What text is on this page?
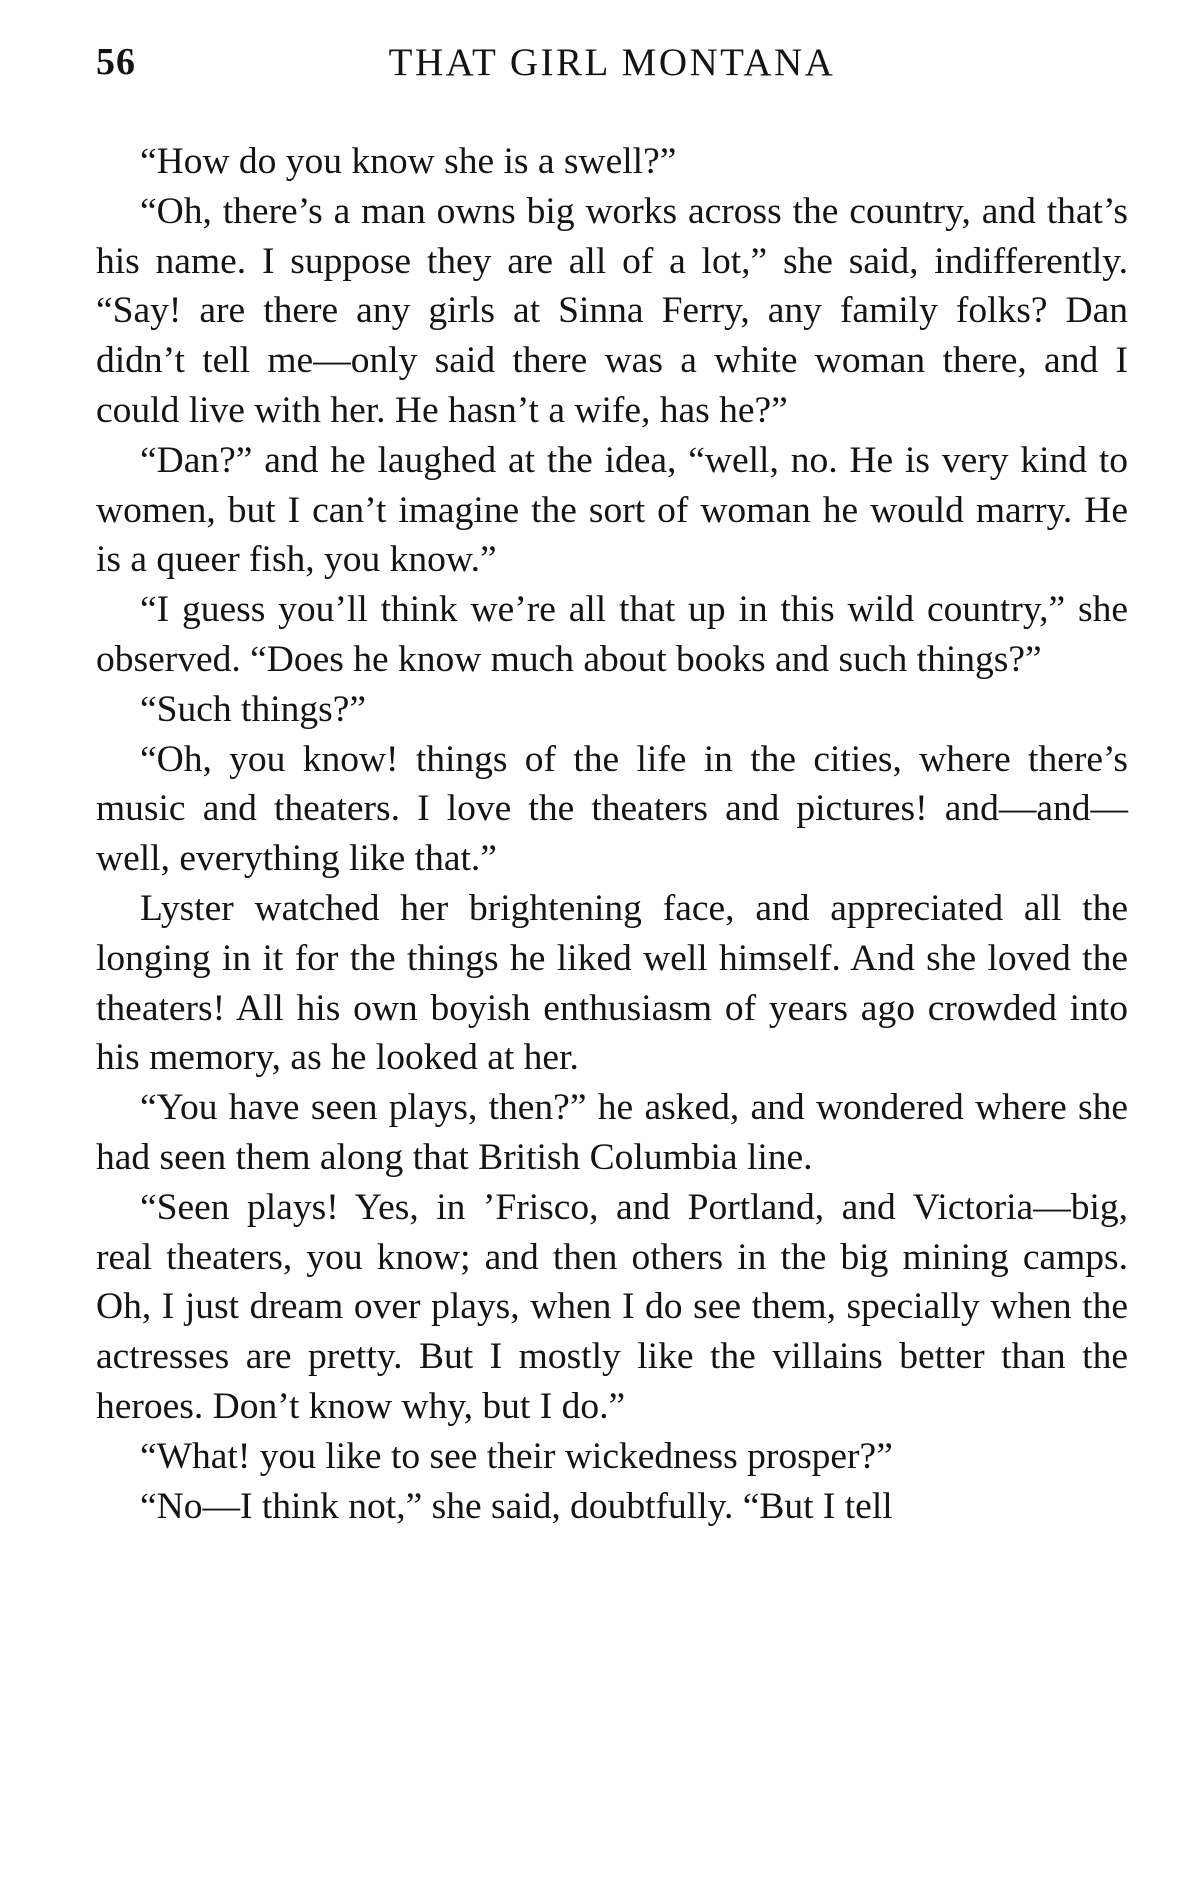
56	THAT GIRL MONTANA

“How do you know she is a swell?”

“Oh, there’s a man owns big works across the country, and that’s his name. I suppose they are all of a lot,” she said, indifferently. “Say! are there any girls at Sinna Ferry, any family folks? Dan didn’t tell me—only said there was a white woman there, and I could live with her. He hasn’t a wife, has he?”

“Dan?” and he laughed at the idea, “well, no. He is very kind to women, but I can’t imagine the sort of woman he would marry. He is a queer fish, you know.”

“I guess you’ll think we’re all that up in this wild country,” she observed. “Does he know much about books and such things?”

“Such things?”

“Oh, you know! things of the life in the cities, where there’s music and theaters. I love the theaters and pictures! and—and—well, everything like that.”

Lyster watched her brightening face, and appreciated all the longing in it for the things he liked well himself. And she loved the theaters! All his own boyish enthusiasm of years ago crowded into his memory, as he looked at her.

“You have seen plays, then?” he asked, and wondered where she had seen them along that British Columbia line.

“Seen plays! Yes, in ’Frisco, and Portland, and Victoria—big, real theaters, you know; and then others in the big mining camps. Oh, I just dream over plays, when I do see them, specially when the actresses are pretty. But I mostly like the villains better than the heroes. Don’t know why, but I do.”

“What! you like to see their wickedness prosper?”

“No—I think not,” she said, doubtfully. “But I tell
